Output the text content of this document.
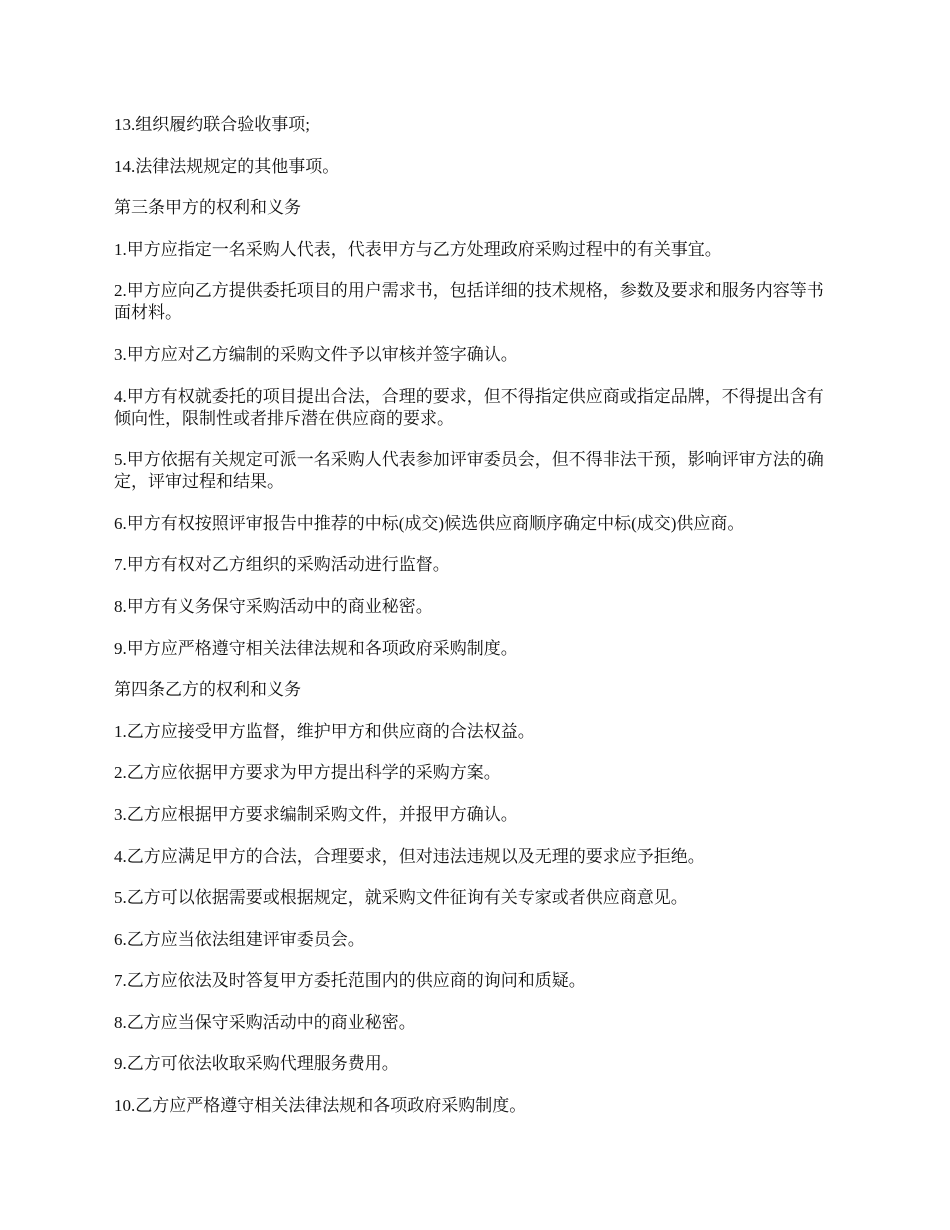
13.组织履约联合验收事项;

14.法律法规规定的其他事项。

第三条甲方的权利和义务

1.甲方应指定一名采购人代表，代表甲方与乙方处理政府采购过程中的有关事宜。

2.甲方应向乙方提供委托项目的用户需求书，包括详细的技术规格，参数及要求和服务内容等书面材料。

3.甲方应对乙方编制的采购文件予以审核并签字确认。

4.甲方有权就委托的项目提出合法，合理的要求，但不得指定供应商或指定品牌，不得提出含有倾向性，限制性或者排斥潜在供应商的要求。

5.甲方依据有关规定可派一名采购人代表参加评审委员会，但不得非法干预，影响评审方法的确定，评审过程和结果。

6.甲方有权按照评审报告中推荐的中标(成交)候选供应商顺序确定中标(成交)供应商。

7.甲方有权对乙方组织的采购活动进行监督。

8.甲方有义务保守采购活动中的商业秘密。

9.甲方应严格遵守相关法律法规和各项政府采购制度。

第四条乙方的权利和义务

1.乙方应接受甲方监督，维护甲方和供应商的合法权益。

2.乙方应依据甲方要求为甲方提出科学的采购方案。

3.乙方应根据甲方要求编制采购文件，并报甲方确认。

4.乙方应满足甲方的合法，合理要求，但对违法违规以及无理的要求应予拒绝。

5.乙方可以依据需要或根据规定，就采购文件征询有关专家或者供应商意见。

6.乙方应当依法组建评审委员会。

7.乙方应依法及时答复甲方委托范围内的供应商的询问和质疑。

8.乙方应当保守采购活动中的商业秘密。

9.乙方可依法收取采购代理服务费用。

10.乙方应严格遵守相关法律法规和各项政府采购制度。
